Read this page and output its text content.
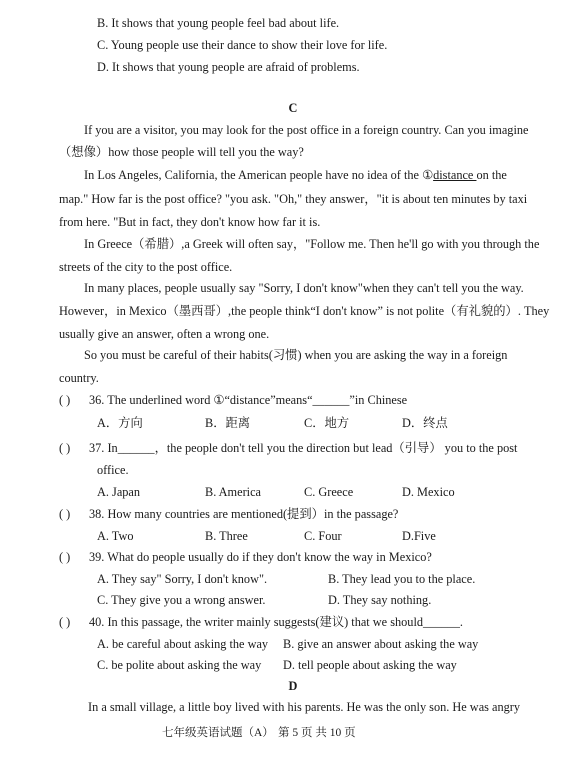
B. It shows that young people feel bad about life.
C. Young people use their dance to show their love for life.
D. It shows that young people are afraid of problems.
C
If you are a visitor, you may look for the post office in a foreign country. Can you imagine
（想像）how those people will tell you the way?
In Los Angeles, California, the American people have no idea of the ①distance on the
map." How far is the post office? "you ask. "Oh," they answer，"it is about ten minutes by taxi
from here. "But in fact, they don't know how far it is.
In Greece（希腊）,a Greek will often say，"Follow me. Then he'll go with you through the
streets of the city to the post office.
In many places, people usually say "Sorry, I don't know"when they can't tell you the way.
However，in Mexico（墨西哥）,the people think“I don't know” is not polite（有礼貌的）. They
usually give an answer, often a wrong one.
So you must be careful of their habits(习惯) when you are asking the way in a foreign
country.
( ) 36. The underlined word ①“distance”means“______”in Chinese
A．方向	B．距离	C．地方	D．终点
( ) 37. In______，the people don't tell you the direction but lead（引导） you to the post
office.
A. Japan	B. America	C. Greece	D. Mexico
( ) 38. How many countries are mentioned(提到）in the passage?
A. Two	B. Three	C. Four	D.Five
( ) 39. What do people usually do if they don't know the way in Mexico?
A. They say" Sorry, I don't know".	B. They lead you to the place.
C. They give you a wrong answer.	D. They say nothing.
( ) 40. In this passage, the writer mainly suggests(建议) that we should______.
A. be careful about asking the way B. give an answer about asking the way
C. be polite about asking the way D. tell people about asking the way
D
In a small village, a little boy lived with his parents. He was the only son. He was angry
七年级英语试题（A） 第 5 页 共 10 页
